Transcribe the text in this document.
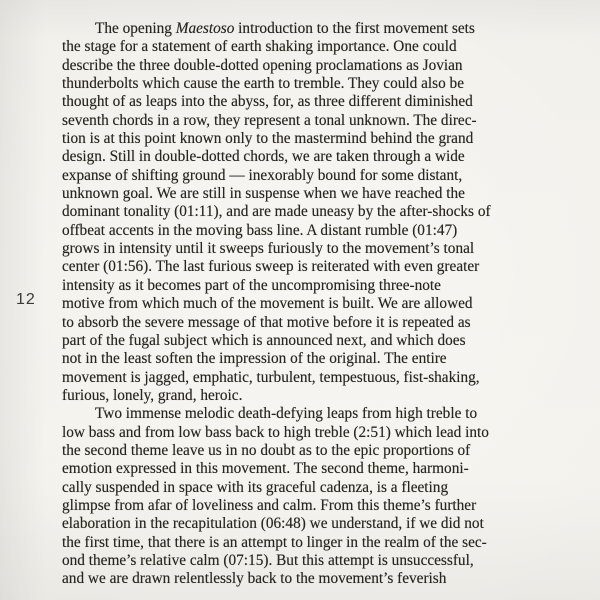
12
The opening Maestoso introduction to the first movement sets
the stage for a statement of earth shaking importance. One could
describe the three double-dotted opening proclamations as Jovian
thunderbolts which cause the earth to tremble. They could also be
thought of as leaps into the abyss, for, as three different diminished
seventh chords in a row, they represent a tonal unknown. The direc-
tion is at this point known only to the mastermind behind the grand
design. Still in double-dotted chords, we are taken through a wide
expanse of shifting ground — inexorably bound for some distant,
unknown goal. We are still in suspense when we have reached the
dominant tonality (01:11), and are made uneasy by the after-shocks of
offbeat accents in the moving bass line. A distant rumble (01:47)
grows in intensity until it sweeps furiously to the movement’s tonal
center (01:56). The last furious sweep is reiterated with even greater
intensity as it becomes part of the uncompromising three-note
motive from which much of the movement is built. We are allowed
to absorb the severe message of that motive before it is repeated as
part of the fugal subject which is announced next, and which does
not in the least soften the impression of the original. The entire
movement is jagged, emphatic, turbulent, tempestuous, fist-shaking,
furious, lonely, grand, heroic.
Two immense melodic death-defying leaps from high treble to
low bass and from low bass back to high treble (2:51) which lead into
the second theme leave us in no doubt as to the epic proportions of
emotion expressed in this movement. The second theme, harmoni-
cally suspended in space with its graceful cadenza, is a fleeting
glimpse from afar of loveliness and calm. From this theme’s further
elaboration in the recapitulation (06:48) we understand, if we did not
the first time, that there is an attempt to linger in the realm of the sec-
ond theme’s relative calm (07:15). But this attempt is unsuccessful,
and we are drawn relentlessly back to the movement’s feverish
